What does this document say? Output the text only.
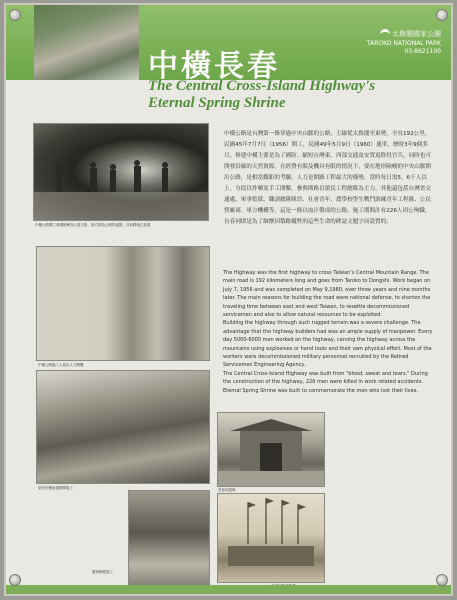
中橫長春
太魯閣國家公園
TAROKO NATIONAL PARK
03-8621100
The Central Cross-Island Highway's Eternal Spring Shrine
中橫公路開工典禮後參加人員合影，後方即為公路的起點，目前路段已拓寬
中橫公路施工人員以人力開鑿
榮民在懸崖絕壁間施工
懸崖峭壁施工

中橫公路是台灣第一條穿過中央山脈的公路，主線從太魯閣至東勢，全長192公里，民國45年7月7日（1956）開工，民國49年5月9日（1960）通車，歷時3年9個多月。修建中橫主要是為了國防、縮短台灣東、西部交通及安置退除役官兵，同時也可開發沿線的天然資源。在經費有限及機具有限的情況下，要在地形險峻的中央山脈開出公路，是相當艱鉅的考驗。人力是開路工程最大的優勢，當時每日需5、6千人以上，分段以炸藥及手工開鑿，參與開路以榮民工程總隊為主力，其他還包括台灣省交通處、軍事監獄、職訓總隊隊員、社會青年、農學校學生戰鬥訓練青年工程隊、公民營廠商、軍方機構等。這是一條以血汗築成的公路，施工期間計有226人因公殉職，長春祠即是為了緬懷因築路犧牲的這些生命的碑誌文題字而設置的。

The Highway was the first highway to cross Taiwan's Central Mountain Range. The main road is 192 kilometers long and goes from Taroko to Dongshi. Work began on July 7, 1956 and was completed on May 9,1960, over three years and nine months later. The main reasons for building the road were national defense, to shorten the traveling time between east and west Taiwan, to resettle decommissioned servicemen and also to allow natural resources to be exploited.

Building the highway through such rugged terrain was a severe challenge. The advantage that the highway builders had was an ample supply of manpower. Every day 5000-6000 men worked on the highway, carving the highway across the mountains using explosives or hand tools and their own physical effort. Most of the workers were decommissioned military personnel recruited by the Retired Servicemen Engineering Agency.

The Central Cross-Island Highway was built from "blood, sweat and tears." During the construction of the highway, 226 men were killed in work related accidents. Eternal Spring Shrine was built to commemorate the men who lost their lives.

長春祠建築
